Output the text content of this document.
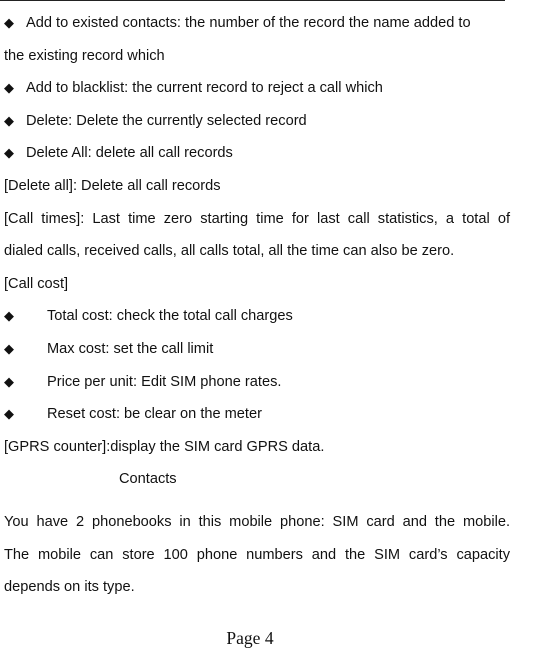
◆ Add to existed contacts: the number of the record the name added to
the existing record which
◆ Add to blacklist: the current record to reject a call which
◆ Delete: Delete the currently selected record
◆ Delete All: delete all call records
[Delete all]: Delete all call records
[Call times]: Last time zero starting time for last call statistics, a total of
dialed calls, received calls, all calls total, all the time can also be zero.
[Call cost]
◆ Total cost: check the total call charges
◆ Max cost: set the call limit
◆ Price per unit: Edit SIM phone rates.
◆ Reset cost: be clear on the meter
[GPRS counter]:display the SIM card GPRS data.
Contacts
You have 2 phonebooks in this mobile phone: SIM card and the mobile.
The mobile can store 100 phone numbers and the SIM card’s capacity
depends on its type.
Page 4
